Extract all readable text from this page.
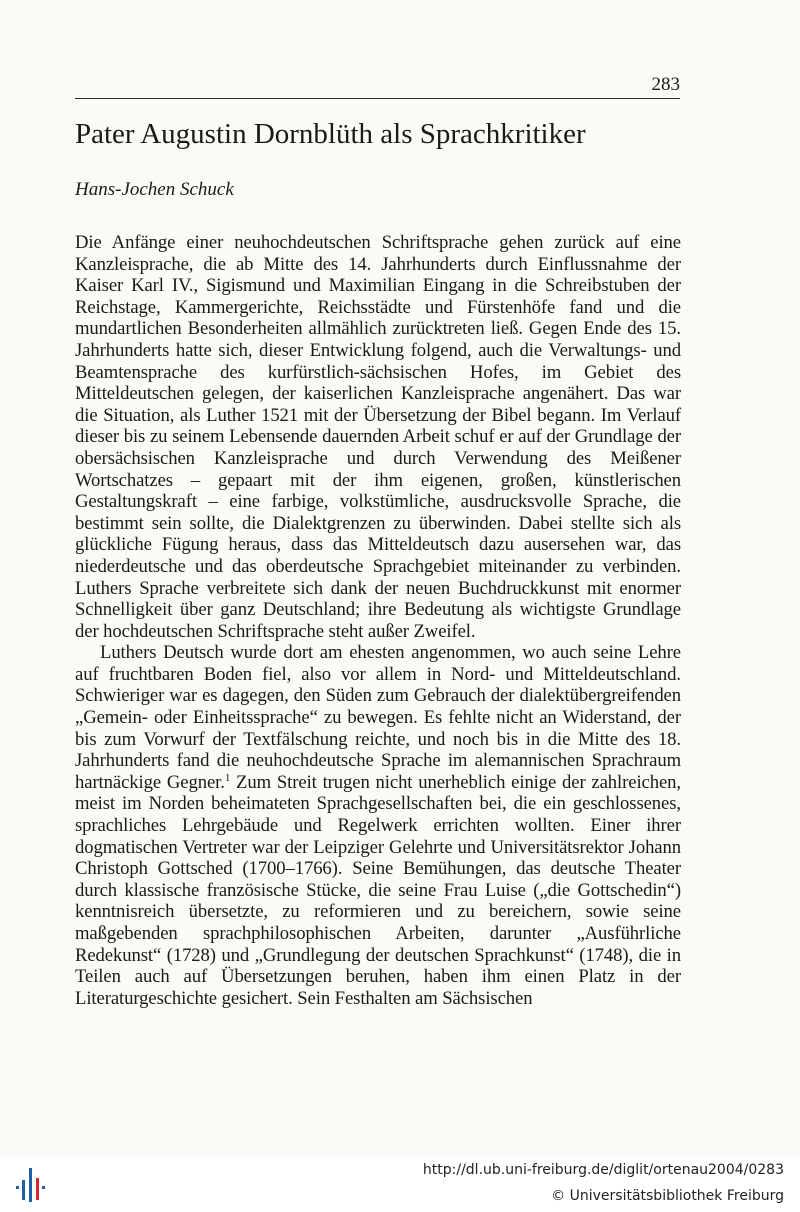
283
Pater Augustin Dornblüth als Sprachkritiker
Hans-Jochen Schuck

Die Anfänge einer neuhochdeutschen Schriftsprache gehen zurück auf eine Kanzleisprache, die ab Mitte des 14. Jahrhunderts durch Einflussnahme der Kaiser Karl IV., Sigismund und Maximilian Eingang in die Schreibstuben der Reichstage, Kammergerichte, Reichsstädte und Fürstenhöfe fand und die mundartlichen Besonderheiten allmählich zurücktreten ließ. Gegen Ende des 15. Jahrhunderts hatte sich, dieser Entwicklung folgend, auch die Verwaltungs- und Beamtensprache des kurfürstlich-sächsischen Hofes, im Gebiet des Mitteldeutschen gelegen, der kaiserlichen Kanzleisprache angenähert. Das war die Situation, als Luther 1521 mit der Übersetzung der Bibel begann. Im Verlauf dieser bis zu seinem Lebensende dauernden Arbeit schuf er auf der Grundlage der obersächsischen Kanzleisprache und durch Verwendung des Meißener Wortschatzes – gepaart mit der ihm eigenen, großen, künstlerischen Gestaltungskraft – eine farbige, volkstümliche, ausdrucksvolle Sprache, die bestimmt sein sollte, die Dialektgrenzen zu überwinden. Dabei stellte sich als glückliche Fügung heraus, dass das Mitteldeutsch dazu ausersehen war, das niederdeutsche und das oberdeutsche Sprachgebiet miteinander zu verbinden. Luthers Sprache verbreitete sich dank der neuen Buchdruckkunst mit enormer Schnelligkeit über ganz Deutschland; ihre Bedeutung als wichtigste Grundlage der hochdeutschen Schriftsprache steht außer Zweifel.

Luthers Deutsch wurde dort am ehesten angenommen, wo auch seine Lehre auf fruchtbaren Boden fiel, also vor allem in Nord- und Mitteldeutschland. Schwieriger war es dagegen, den Süden zum Gebrauch der dialektübergreifenden „Gemein- oder Einheitssprache“ zu bewegen. Es fehlte nicht an Widerstand, der bis zum Vorwurf der Textfälschung reichte, und noch bis in die Mitte des 18. Jahrhunderts fand die neuhochdeutsche Sprache im alemannischen Sprachraum hartnäckige Gegner.$^1$ Zum Streit trugen nicht unerheblich einige der zahlreichen, meist im Norden beheimateten Sprachgesellschaften bei, die ein geschlossenes, sprachliches Lehrgebäude und Regelwerk errichten wollten. Einer ihrer dogmatischen Vertreter war der Leipziger Gelehrte und Universitätsrektor Johann Christoph Gottsched (1700–1766). Seine Bemühungen, das deutsche Theater durch klassische französische Stücke, die seine Frau Luise („die Gottschedin“) kenntnisreich übersetzte, zu reformieren und zu bereichern, sowie seine maßgebenden sprachphilosophischen Arbeiten, darunter „Ausführliche Redekunst“ (1728) und „Grundlegung der deutschen Sprachkunst“ (1748), die in Teilen auch auf Übersetzungen beruhen, haben ihm einen Platz in der Literaturgeschichte gesichert. Sein Festhalten am Sächsischen

http://dl.ub.uni-freiburg.de/diglit/ortenau2004/0283
© Universitätsbibliothek Freiburg
